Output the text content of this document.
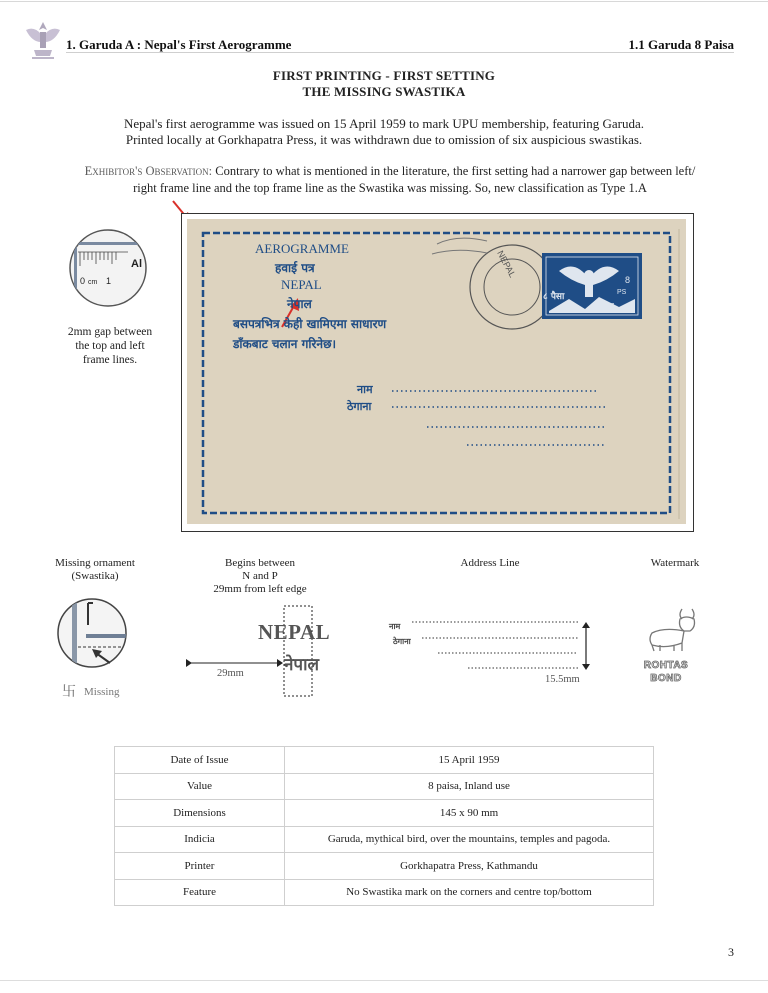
1. Garuda A : Nepal's First Aerogramme	1.1 Garuda 8 Paisa
FIRST PRINTING - FIRST SETTING
THE MISSING SWASTIKA
Nepal's first aerogramme was issued on 15 April 1959 to mark UPU membership, featuring Garuda.
Printed locally at Gorkhapatra Press, it was withdrawn due to omission of six auspicious swastikas.
Exhibitor's Observation: Contrary to what is mentioned in the literature, the first setting had a narrower gap between left/
right frame line and the top frame line as the Swastika was missing. So, new classification as Type 1.A
0 cm 1
Al
2mm gap between
the top and left
frame lines.
AEROGRAMME
हवाई पत्र
NEPAL
नेपाल
बसपत्रभित्र केही खामिएमा साधारण
डाँकबाट चलान गरिनेछ।
नाम
ठेगाना
८ पैसा
नेपाल
PS
8
NEPAL
Missing ornament
(Swastika)
Begins between
N and P
29mm from left edge
Address Line	Watermark
卐 Missing
NEPAL
नेपाल
29mm
नाम
ठेगाना
15.5mm
ROHTAS
BOND
Date of Issue	15 April 1959
Value	8 paisa, Inland use
Dimensions	145 x 90 mm
Indicia	Garuda, mythical bird, over the mountains, temples and pagoda.
Printer	Gorkhapatra Press, Kathmandu
Feature	No Swastika mark on the corners and centre top/bottom
3
